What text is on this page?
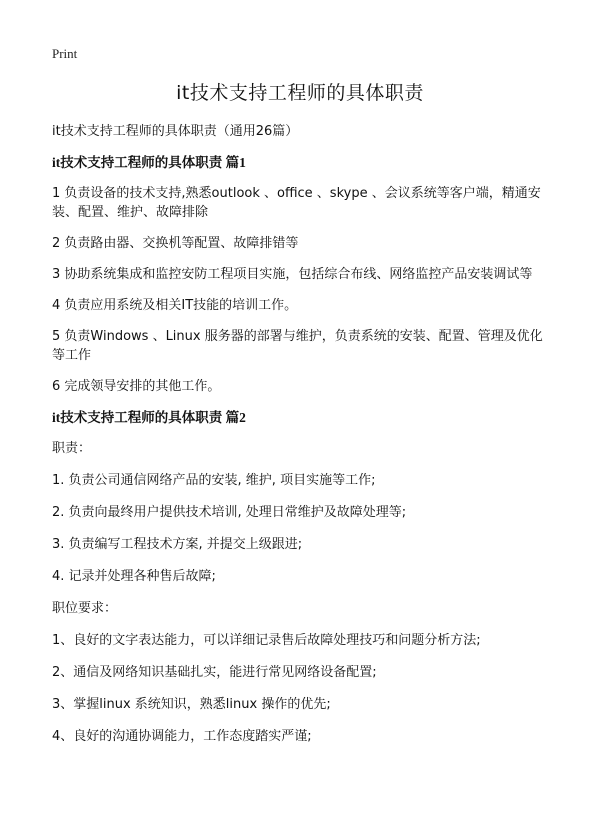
Print
it技术支持工程师的具体职责

it技术支持工程师的具体职责（通用26篇）

it技术支持工程师的具体职责 篇1

1 负责设备的技术支持,熟悉outlook 、office 、skype 、会议系统等客户端，精通安装、配置、维护、故障排除

2 负责路由器、交换机等配置、故障排错等

3 协助系统集成和监控安防工程项目实施，包括综合布线、网络监控产品安装调试等

4 负责应用系统及相关IT技能的培训工作。

5 负责Windows 、Linux 服务器的部署与维护，负责系统的安装、配置、管理及优化等工作

6 完成领导安排的其他工作。

it技术支持工程师的具体职责 篇2

职责：

1. 负责公司通信网络产品的安装, 维护, 项目实施等工作;

2. 负责向最终用户提供技术培训, 处理日常维护及故障处理等;

3. 负责编写工程技术方案, 并提交上级跟进;

4. 记录并处理各种售后故障;

职位要求：

1、良好的文字表达能力，可以详细记录售后故障处理技巧和问题分析方法;

2、通信及网络知识基础扎实，能进行常见网络设备配置;

3、掌握linux 系统知识，熟悉linux 操作的优先;

4、良好的沟通协调能力，工作态度踏实严谨;
